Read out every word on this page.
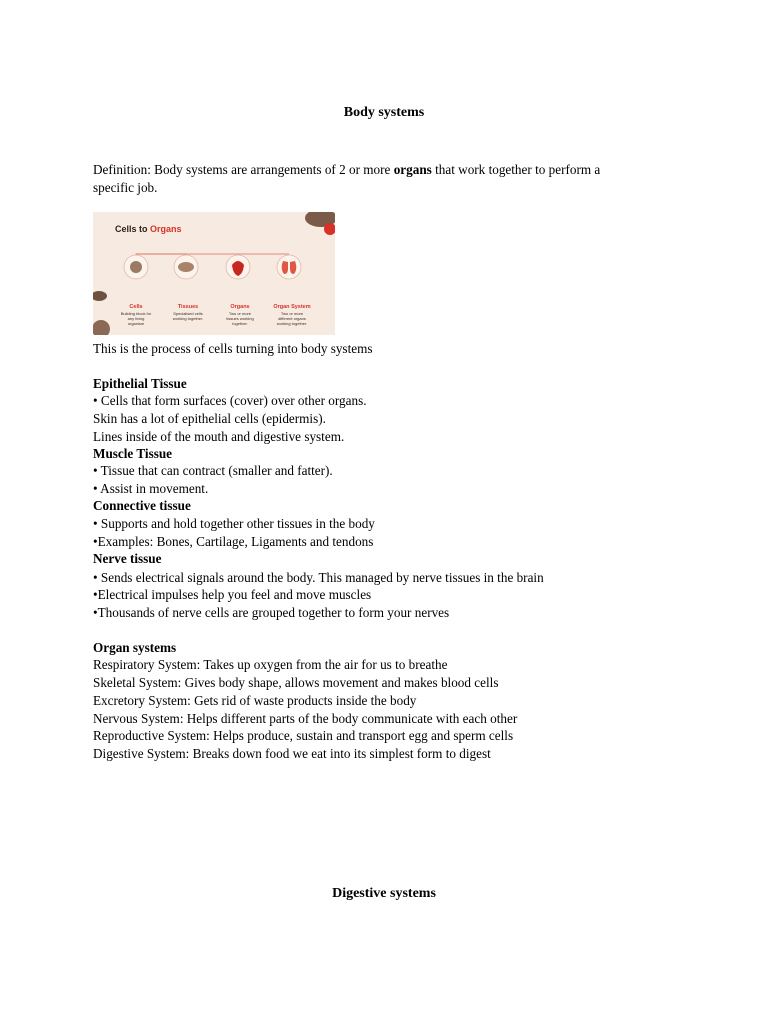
Body systems
Definition: Body systems are arrangements of 2 or more organs that work together to perform a
specific job.
Cells to Organs
Cells
Building block for
any living
organism
Tissues
Specialised cells
working together.
Organs
Two or more
tissues working
together.
Organ System
Two or more
different organs
working together.
This is the process of cells turning into body systems
Epithelial Tissue
• Cells that form surfaces (cover) over other organs.
Skin has a lot of epithelial cells (epidermis).
Lines inside of the mouth and digestive system.
Muscle Tissue
• Tissue that can contract (smaller and fatter).
• Assist in movement.
Connective tissue
• Supports and hold together other tissues in the body
•Examples: Bones, Cartilage, Ligaments and tendons
Nerve tissue
• Sends electrical signals around the body. This managed by nerve tissues in the brain
•Electrical impulses help you feel and move muscles
•Thousands of nerve cells are grouped together to form your nerves
Organ systems
Respiratory System: Takes up oxygen from the air for us to breathe
Skeletal System: Gives body shape, allows movement and makes blood cells
Excretory System: Gets rid of waste products inside the body
Nervous System: Helps different parts of the body communicate with each other
Reproductive System: Helps produce, sustain and transport egg and sperm cells
Digestive System: Breaks down food we eat into its simplest form to digest
Digestive systems
